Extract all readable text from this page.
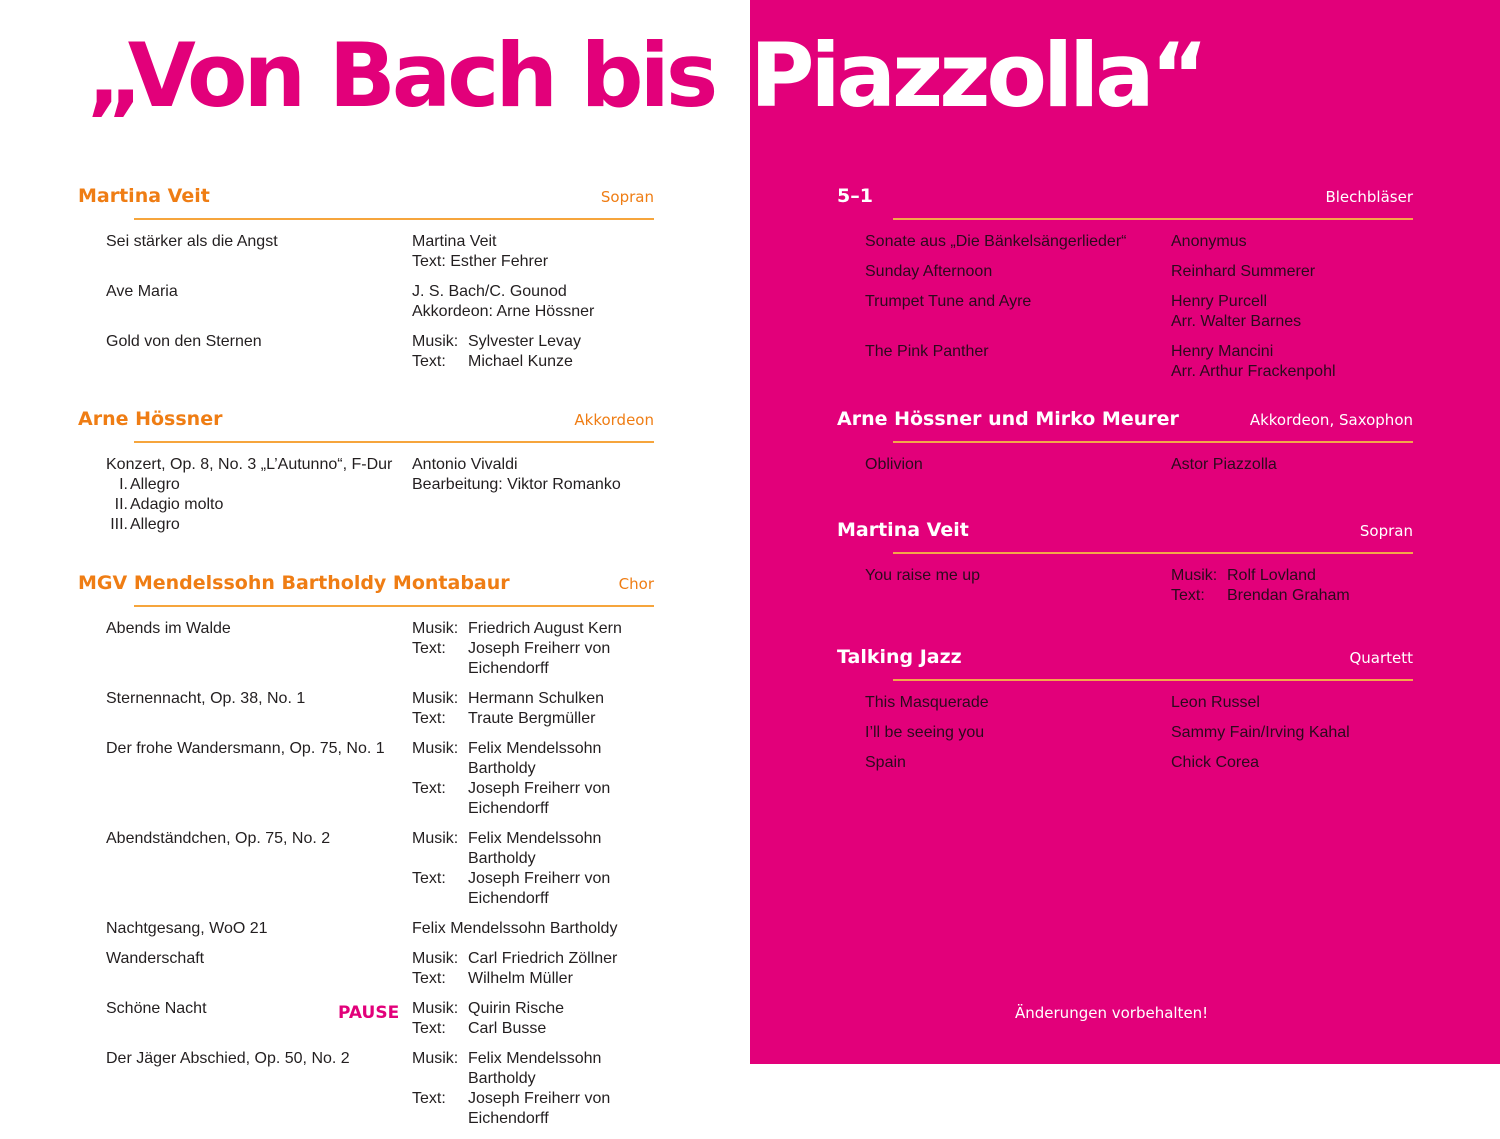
„Von Bach bis Piazzolla“
Martina Veit	Sopran
Sei stärker als die Angst	Martina Veit
Text: Esther Fehrer
Ave Maria	J. S. Bach/C. Gounod
Akkordeon: Arne Hössner
Gold von den Sternen	Musik: Sylvester Levay
Text:	Michael Kunze
Arne Hössner	Akkordeon
Konzert, Op. 8, No. 3 „L’Autunno“, F-Dur
I. Allegro
II. Adagio molto
III. Allegro
Antonio Vivaldi
Bearbeitung: Viktor Romanko
MGV Mendelssohn Bartholdy Montabaur	Chor
Abends im Walde	Musik: Friedrich August Kern
Text:	Joseph Freiherr von Eichendorff
Sternennacht, Op. 38, No. 1	Musik: Hermann Schulken
Text:	Traute Bergmüller
Der frohe Wandersmann, Op. 75, No. 1	Musik: Felix Mendelssohn Bartholdy
Text:	Joseph Freiherr von Eichendorff
Abendständchen, Op. 75, No. 2	Musik: Felix Mendelssohn Bartholdy
Text:	Joseph Freiherr von Eichendorff
Nachtgesang, WoO 21	Felix Mendelssohn Bartholdy
Wanderschaft	Musik: Carl Friedrich Zöllner
Text:	Wilhelm Müller
Schöne Nacht	Musik: Quirin Rische
Text:	Carl Busse
Der Jäger Abschied, Op. 50, No. 2	Musik: Felix Mendelssohn Bartholdy
Text:	Joseph Freiherr von Eichendorff
5–1	Blechbläser
Sonate aus „Die Bänkelsängerlieder“	Anonymus
Sunday Afternoon	Reinhard Summerer
Trumpet Tune and Ayre	Henry Purcell
Arr. Walter Barnes
The Pink Panther	Henry Mancini
Arr. Arthur Frackenpohl
Arne Hössner und Mirko Meurer	Akkordeon, Saxophon
Oblivion	Astor Piazzolla
Martina Veit	Sopran
You raise me up	Musik: Rolf Lovland
Text:	Brendan Graham
Talking Jazz	Quartett
This Masquerade	Leon Russel
I’ll be seeing you	Sammy Fain/Irving Kahal
Spain	Chick Corea
PAUSE	Änderungen vorbehalten!
